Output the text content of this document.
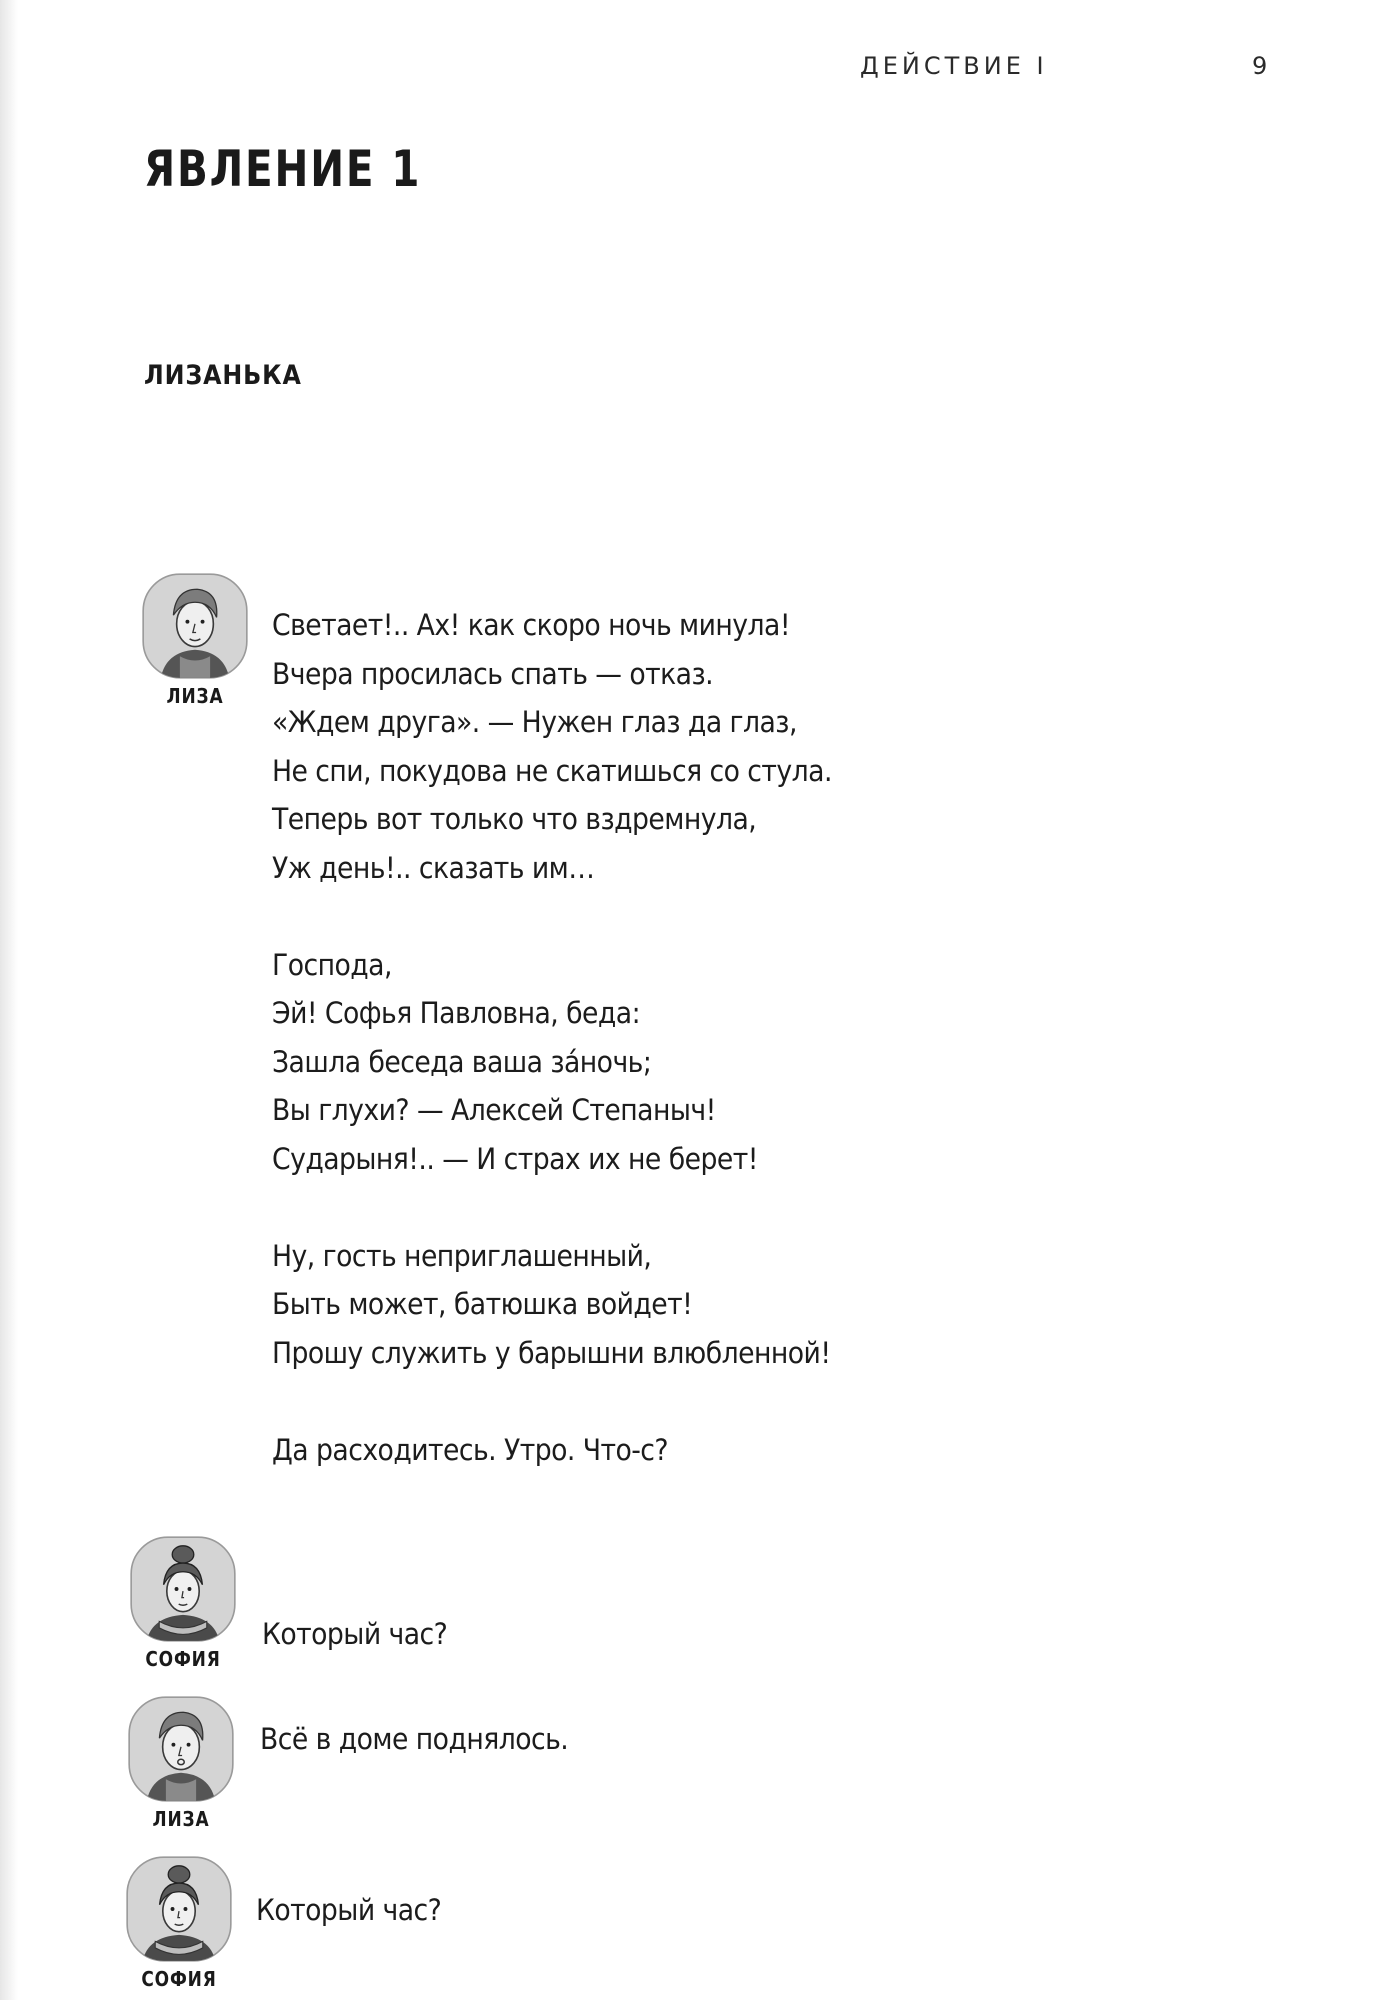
ДЕЙСТВИЕ I	9
ЯВЛЕНИЕ 1
ЛИЗАНЬКА
ЛИЗА
Светает!.. Ах! как скоро ночь минула!
Вчера просилась спать — отказ.
«Ждем друга». — Нужен глаз да глаз,
Не спи, покудова не скатишься со стула.
Теперь вот только что вздремнула,
Уж день!.. сказать им…
Господа,
Эй! Софья Павловна, беда:
Зашла беседа ваша за́ночь;
Вы глухи? — Алексей Степаныч!
Сударыня!.. — И страх их не берет!
Ну, гость неприглашенный,
Быть может, батюшка войдет!
Прошу служить у барышни влюбленной!
Да расходитесь. Утро. Что-с?
СОФИЯ
Который час?
ЛИЗА
Всё в доме поднялось.
СОФИЯ
Который час?
